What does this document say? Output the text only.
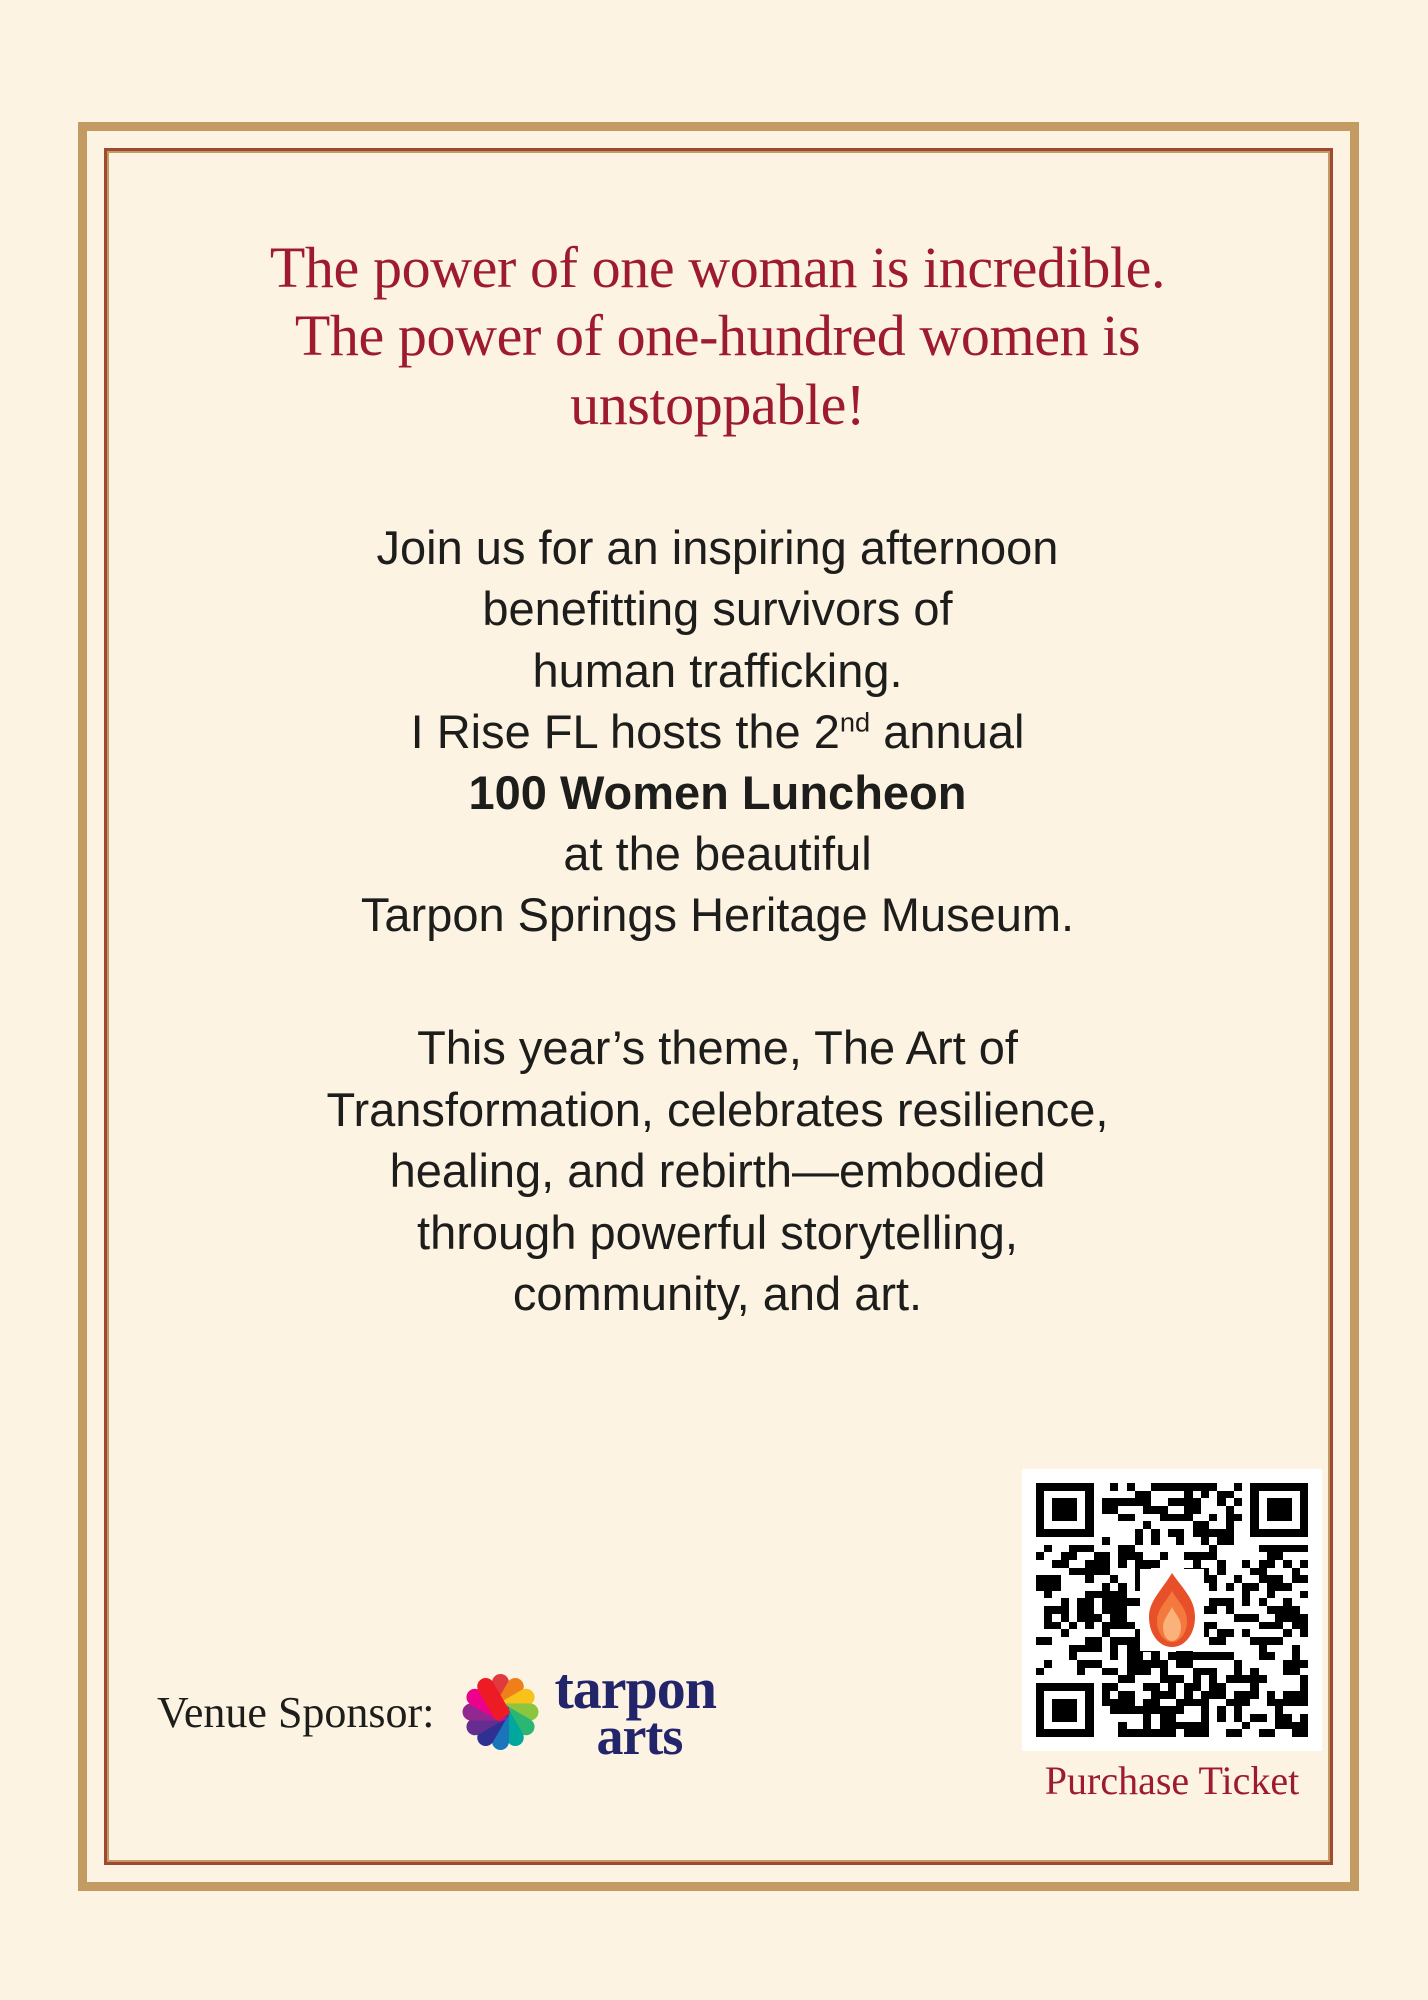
The power of one woman is incredible.
The power of one-hundred women is
unstoppable!
Join us for an inspiring afternoon
benefitting survivors of
human trafficking.
I Rise FL hosts the 2nd annual
100 Women Luncheon
at the beautiful
Tarpon Springs Heritage Museum.
This year’s theme, The Art of
Transformation, celebrates resilience,
healing, and rebirth—embodied
through powerful storytelling,
community, and art.
Venue Sponsor: tarpon
arts
Purchase Ticket
